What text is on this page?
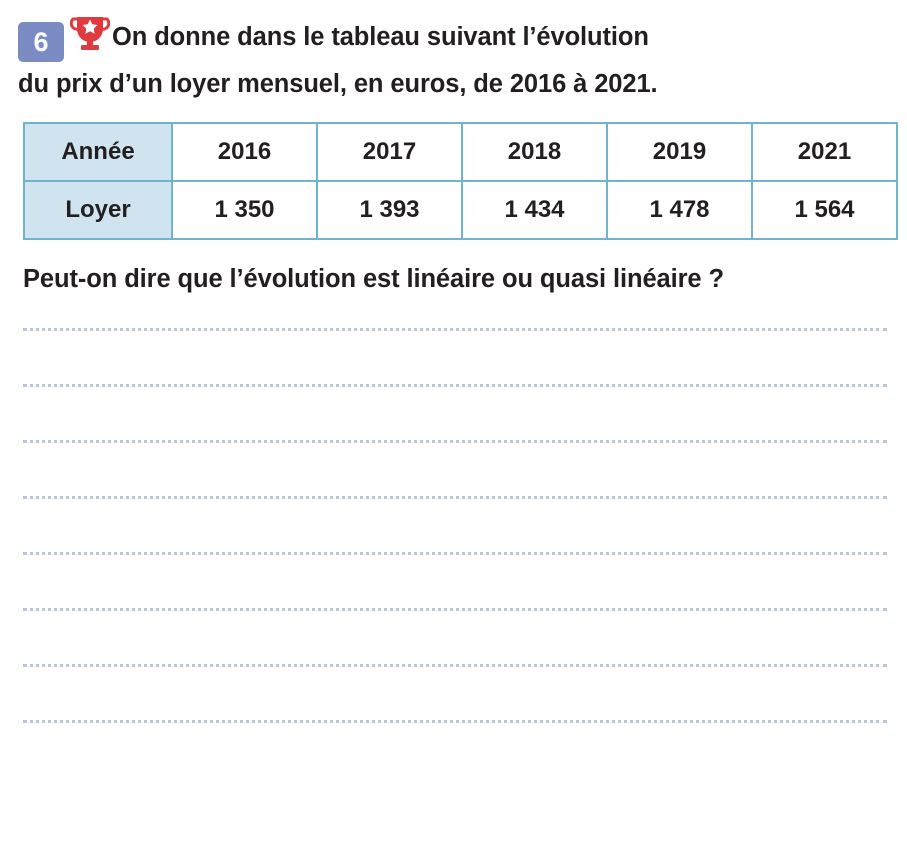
6 On donne dans le tableau suivant l’évolution
du prix d’un loyer mensuel, en euros, de 2016 à 2021.
Année	2016	2017	2018	2019	2021
Loyer	1 350	1 393	1 434	1 478	1 564
Peut-on dire que l’évolution est linéaire ou quasi linéaire ?
